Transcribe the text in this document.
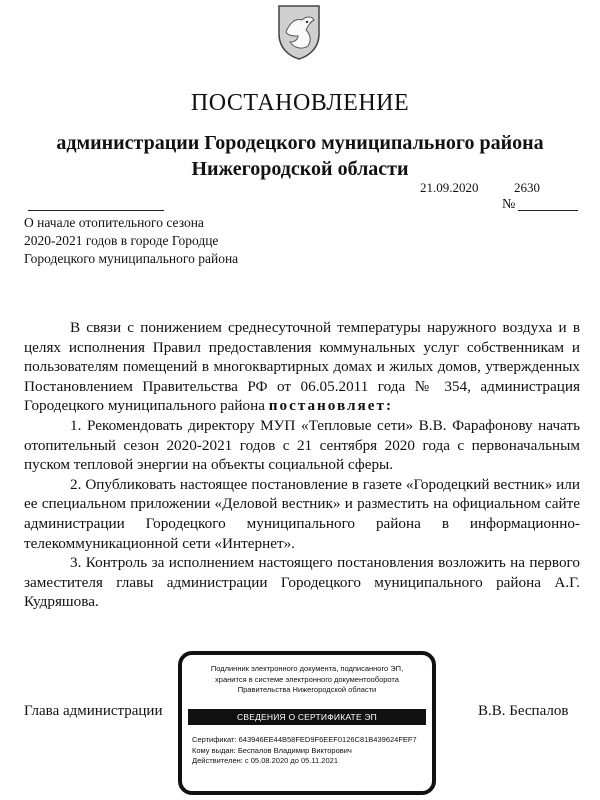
ПОСТАНОВЛЕНИЕ
администрации Городецкого муниципального района
Нижегородской области
21.09.2020	2630
№
О начале отопительного сезона
2020-2021 годов в городе Городце
Городецкого муниципального района

В связи с понижением среднесуточной температуры наружного воздуха и в целях исполнения Правил предоставления коммунальных услуг собственникам и пользователям помещений в многоквартирных домах и жилых домов, утвержденных Постановлением Правительства РФ от 06.05.2011 года № 354, администрация Городецкого муниципального района постановляет:

1. Рекомендовать директору МУП «Тепловые сети» В.В. Фарафонову начать отопительный сезон 2020-2021 годов с 21 сентября 2020 года с первоначальным пуском тепловой энергии на объекты социальной сферы.

2. Опубликовать настоящее постановление в газете «Городецкий вестник» или ее специальном приложении «Деловой вестник» и разместить на официальном сайте администрации Городецкого муниципального района в информационно-телекоммуникационной сети «Интернет».

3. Контроль за исполнением настоящего постановления возложить на первого заместителя главы администрации Городецкого муниципального района А.Г. Кудряшова.

Глава администрации	В.В. Беспалов
Подлинник электронного документа, подписанного ЭП,
хранится в системе электронного документооборота
Правительства Нижегородской области
СВЕДЕНИЯ О СЕРТИФИКАТЕ ЭП
Сертификат: 643946EE44B58FED9F6EEF0126C81B439624FEF7
Кому выдан: Беспалов Владимир Викторович
Действителен: с 05.08.2020 до 05.11.2021
